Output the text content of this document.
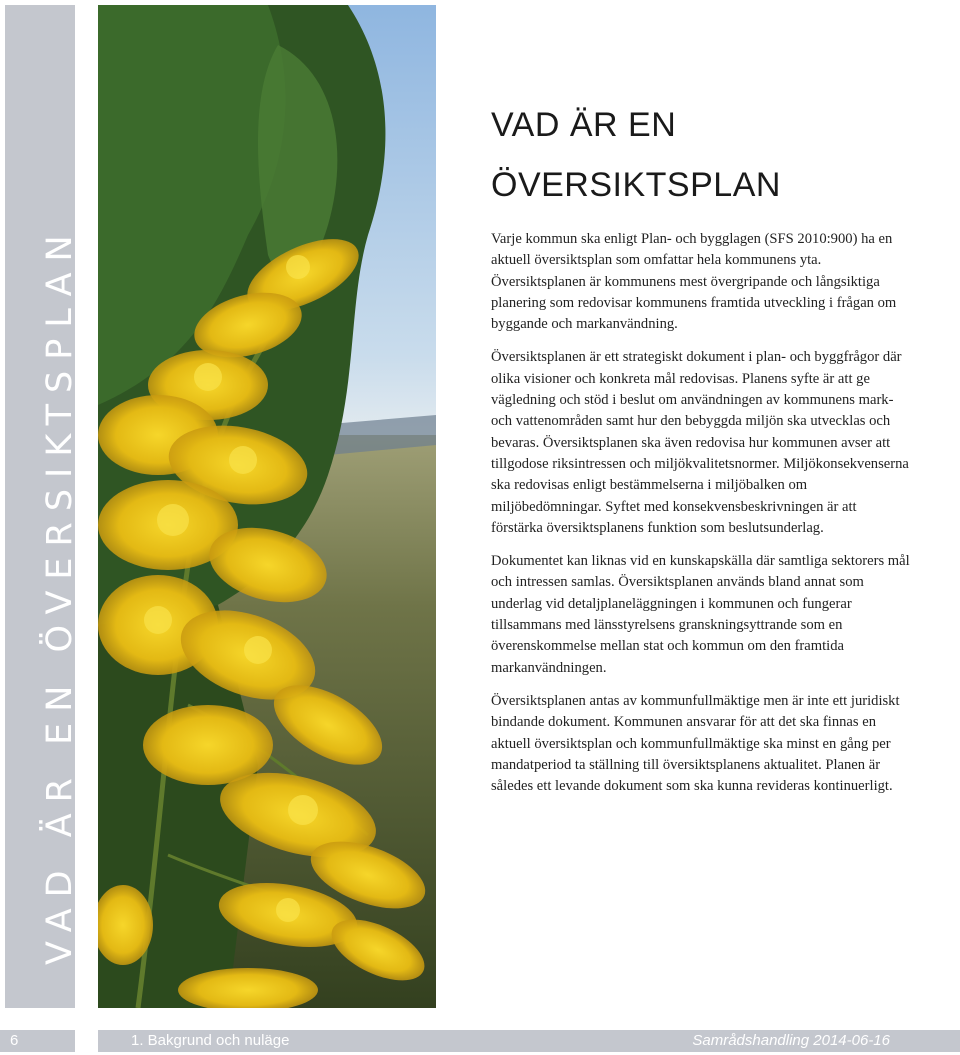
VAD ÄR EN ÖVERSIKTSPLAN
VAD ÄR EN
ÖVERSIKTSPLAN

Varje kommun ska enligt Plan- och bygglagen (SFS 2010:900) ha en aktuell översiktsplan som omfattar hela kommunens yta. Översiktsplanen är kommunens mest övergripande och långsiktiga planering som redovisar kommunens framtida utveckling i frågan om byggande och markanvändning.

Översiktsplanen är ett strategiskt dokument i plan- och byggfrågor där olika visioner och konkreta mål redovisas. Planens syfte är att ge vägledning och stöd i beslut om användningen av kommunens mark- och vattenområden samt hur den bebyggda miljön ska utvecklas och bevaras. Översiktsplanen ska även redovisa hur kommunen avser att tillgodose riksintressen och miljökvalitetsnormer. Miljökonsekvenserna ska redovisas enligt bestämmelserna i miljöbalken om miljöbedömningar. Syftet med konsekvensbeskrivningen är att förstärka översiktsplanens funktion som beslutsunderlag.

Dokumentet kan liknas vid en kunskapskälla där samtliga sektorers mål och intressen samlas. Översiktsplanen används bland annat som underlag vid detaljplaneläggningen i kommunen och fungerar tillsammans med länsstyrelsens granskningsyttrande som en överenskommelse mellan stat och kommun om den framtida markanvändningen.

Översiktsplanen antas av kommunfullmäktige men är inte ett juridiskt bindande dokument. Kommunen ansvarar för att det ska finnas en aktuell översiktsplan och kommunfullmäktige ska minst en gång per mandatperiod ta ställning till översiktsplanens aktualitet. Planen är således ett levande dokument som ska kunna revideras kontinuerligt.

6	1. Bakgrund och nuläge	Samrådshandling 2014-06-16
